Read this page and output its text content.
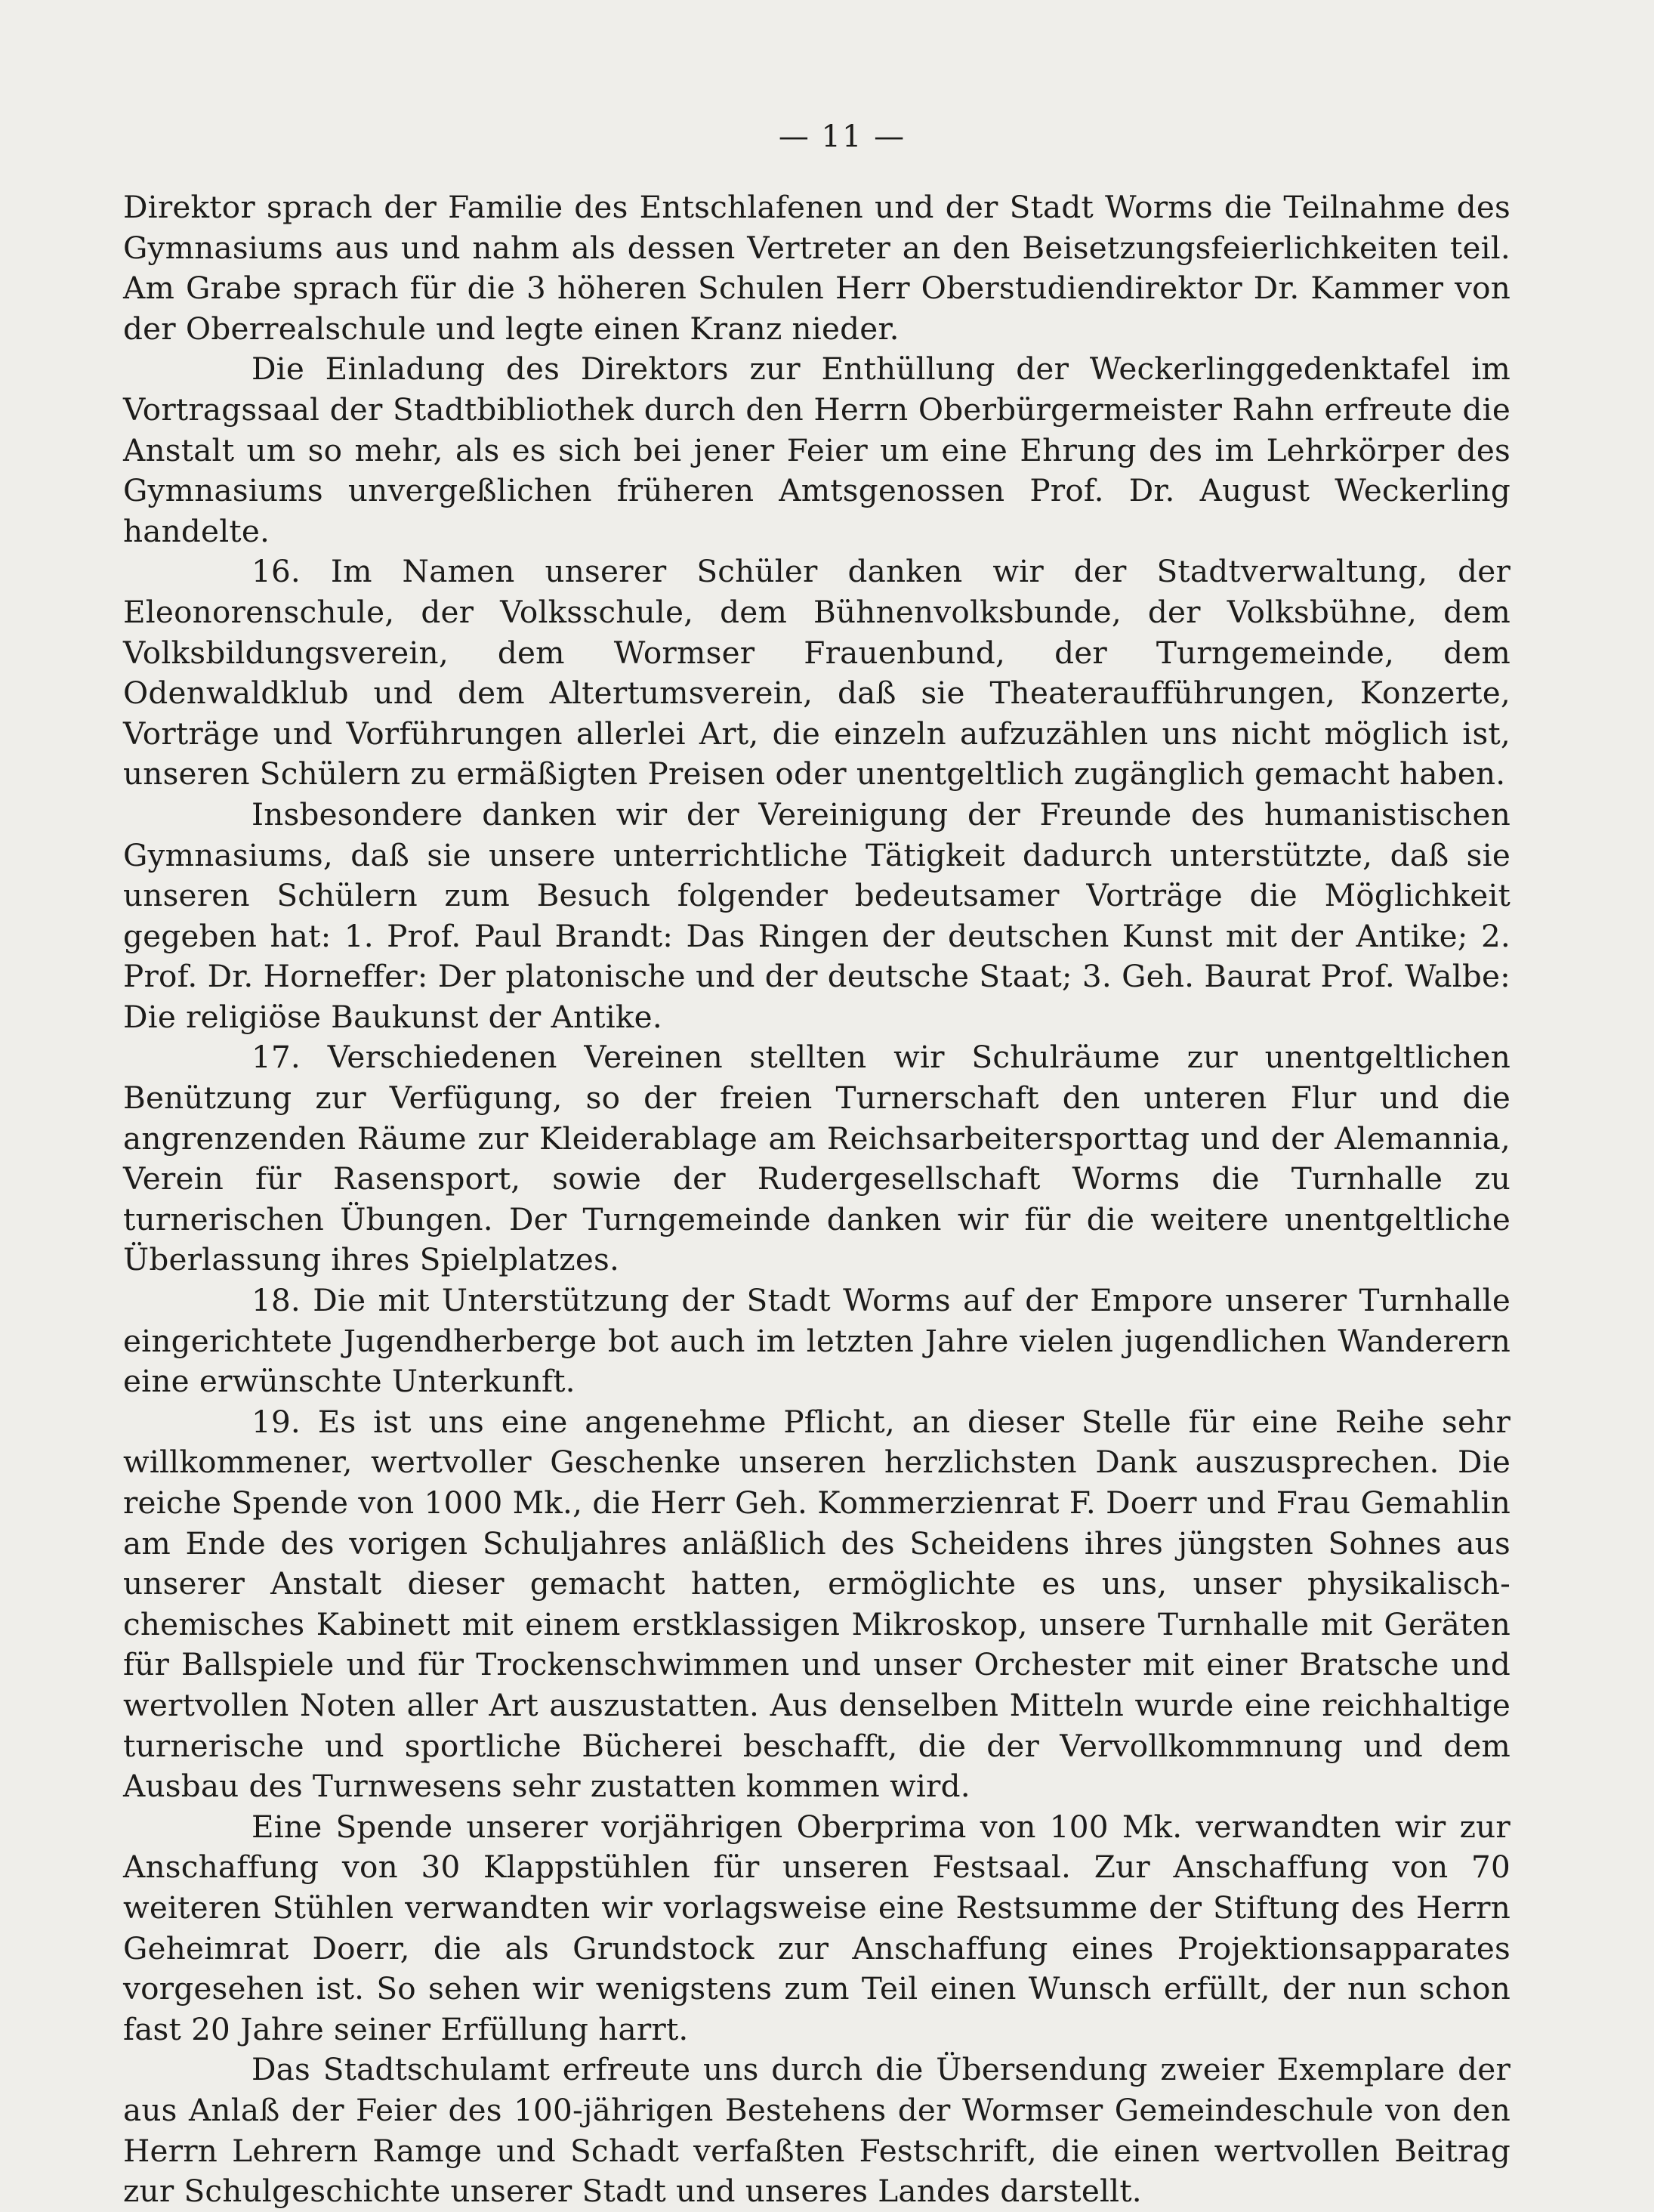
— 11 —

Direktor sprach der Familie des Entschlafenen und der Stadt Worms die Teilnahme des Gymnasiums aus und nahm als dessen Vertreter an den Beisetzungsfeierlichkeiten teil. Am Grabe sprach für die 3 höheren Schulen Herr Oberstudiendirektor Dr. Kammer von der Oberrealschule und legte einen Kranz nieder.

Die Einladung des Direktors zur Enthüllung der Weckerlinggedenktafel im Vortragssaal der Stadtbibliothek durch den Herrn Oberbürgermeister Rahn erfreute die Anstalt um so mehr, als es sich bei jener Feier um eine Ehrung des im Lehrkörper des Gymnasiums unvergeßlichen früheren Amtsgenossen Prof. Dr. August Weckerling handelte.

16. Im Namen unserer Schüler danken wir der Stadtverwaltung, der Eleonorenschule, der Volksschule, dem Bühnenvolksbunde, der Volksbühne, dem Volksbildungsverein, dem Wormser Frauenbund, der Turngemeinde, dem Odenwaldklub und dem Altertumsverein, daß sie Theateraufführungen, Konzerte, Vorträge und Vorführungen allerlei Art, die einzeln aufzuzählen uns nicht möglich ist, unseren Schülern zu ermäßigten Preisen oder unentgeltlich zugänglich gemacht haben.

Insbesondere danken wir der Vereinigung der Freunde des humanistischen Gymnasiums, daß sie unsere unterrichtliche Tätigkeit dadurch unterstützte, daß sie unseren Schülern zum Besuch folgender bedeutsamer Vorträge die Möglichkeit gegeben hat: 1. Prof. Paul Brandt: Das Ringen der deutschen Kunst mit der Antike; 2. Prof. Dr. Horneffer: Der platonische und der deutsche Staat; 3. Geh. Baurat Prof. Walbe: Die religiöse Baukunst der Antike.

17. Verschiedenen Vereinen stellten wir Schulräume zur unentgeltlichen Benützung zur Verfügung, so der freien Turnerschaft den unteren Flur und die angrenzenden Räume zur Kleiderablage am Reichsarbeitersporttag und der Alemannia, Verein für Rasensport, sowie der Rudergesellschaft Worms die Turnhalle zu turnerischen Übungen. Der Turngemeinde danken wir für die weitere unentgeltliche Überlassung ihres Spielplatzes.

18. Die mit Unterstützung der Stadt Worms auf der Empore unserer Turnhalle eingerichtete Jugendherberge bot auch im letzten Jahre vielen jugendlichen Wanderern eine erwünschte Unterkunft.

19. Es ist uns eine angenehme Pflicht, an dieser Stelle für eine Reihe sehr willkommener, wertvoller Geschenke unseren herzlichsten Dank auszusprechen. Die reiche Spende von 1000 Mk., die Herr Geh. Kommerzienrat F. Doerr und Frau Gemahlin am Ende des vorigen Schuljahres anläßlich des Scheidens ihres jüngsten Sohnes aus unserer Anstalt dieser gemacht hatten, ermöglichte es uns, unser physikalisch-chemisches Kabinett mit einem erstklassigen Mikroskop, unsere Turnhalle mit Geräten für Ballspiele und für Trockenschwimmen und unser Orchester mit einer Bratsche und wertvollen Noten aller Art auszustatten. Aus denselben Mitteln wurde eine reichhaltige turnerische und sportliche Bücherei beschafft, die der Vervollkommnung und dem Ausbau des Turnwesens sehr zustatten kommen wird.

Eine Spende unserer vorjährigen Oberprima von 100 Mk. verwandten wir zur Anschaffung von 30 Klappstühlen für unseren Festsaal. Zur Anschaffung von 70 weiteren Stühlen verwandten wir vorlagsweise eine Restsumme der Stiftung des Herrn Geheimrat Doerr, die als Grundstock zur Anschaffung eines Projektionsapparates vorgesehen ist. So sehen wir wenigstens zum Teil einen Wunsch erfüllt, der nun schon fast 20 Jahre seiner Erfüllung harrt.

Das Stadtschulamt erfreute uns durch die Übersendung zweier Exemplare der aus Anlaß der Feier des 100-jährigen Bestehens der Wormser Gemeindeschule von den Herrn Lehrern Ramge und Schadt verfaßten Festschrift, die einen wertvollen Beitrag zur Schulgeschichte unserer Stadt und unseres Landes darstellt.
